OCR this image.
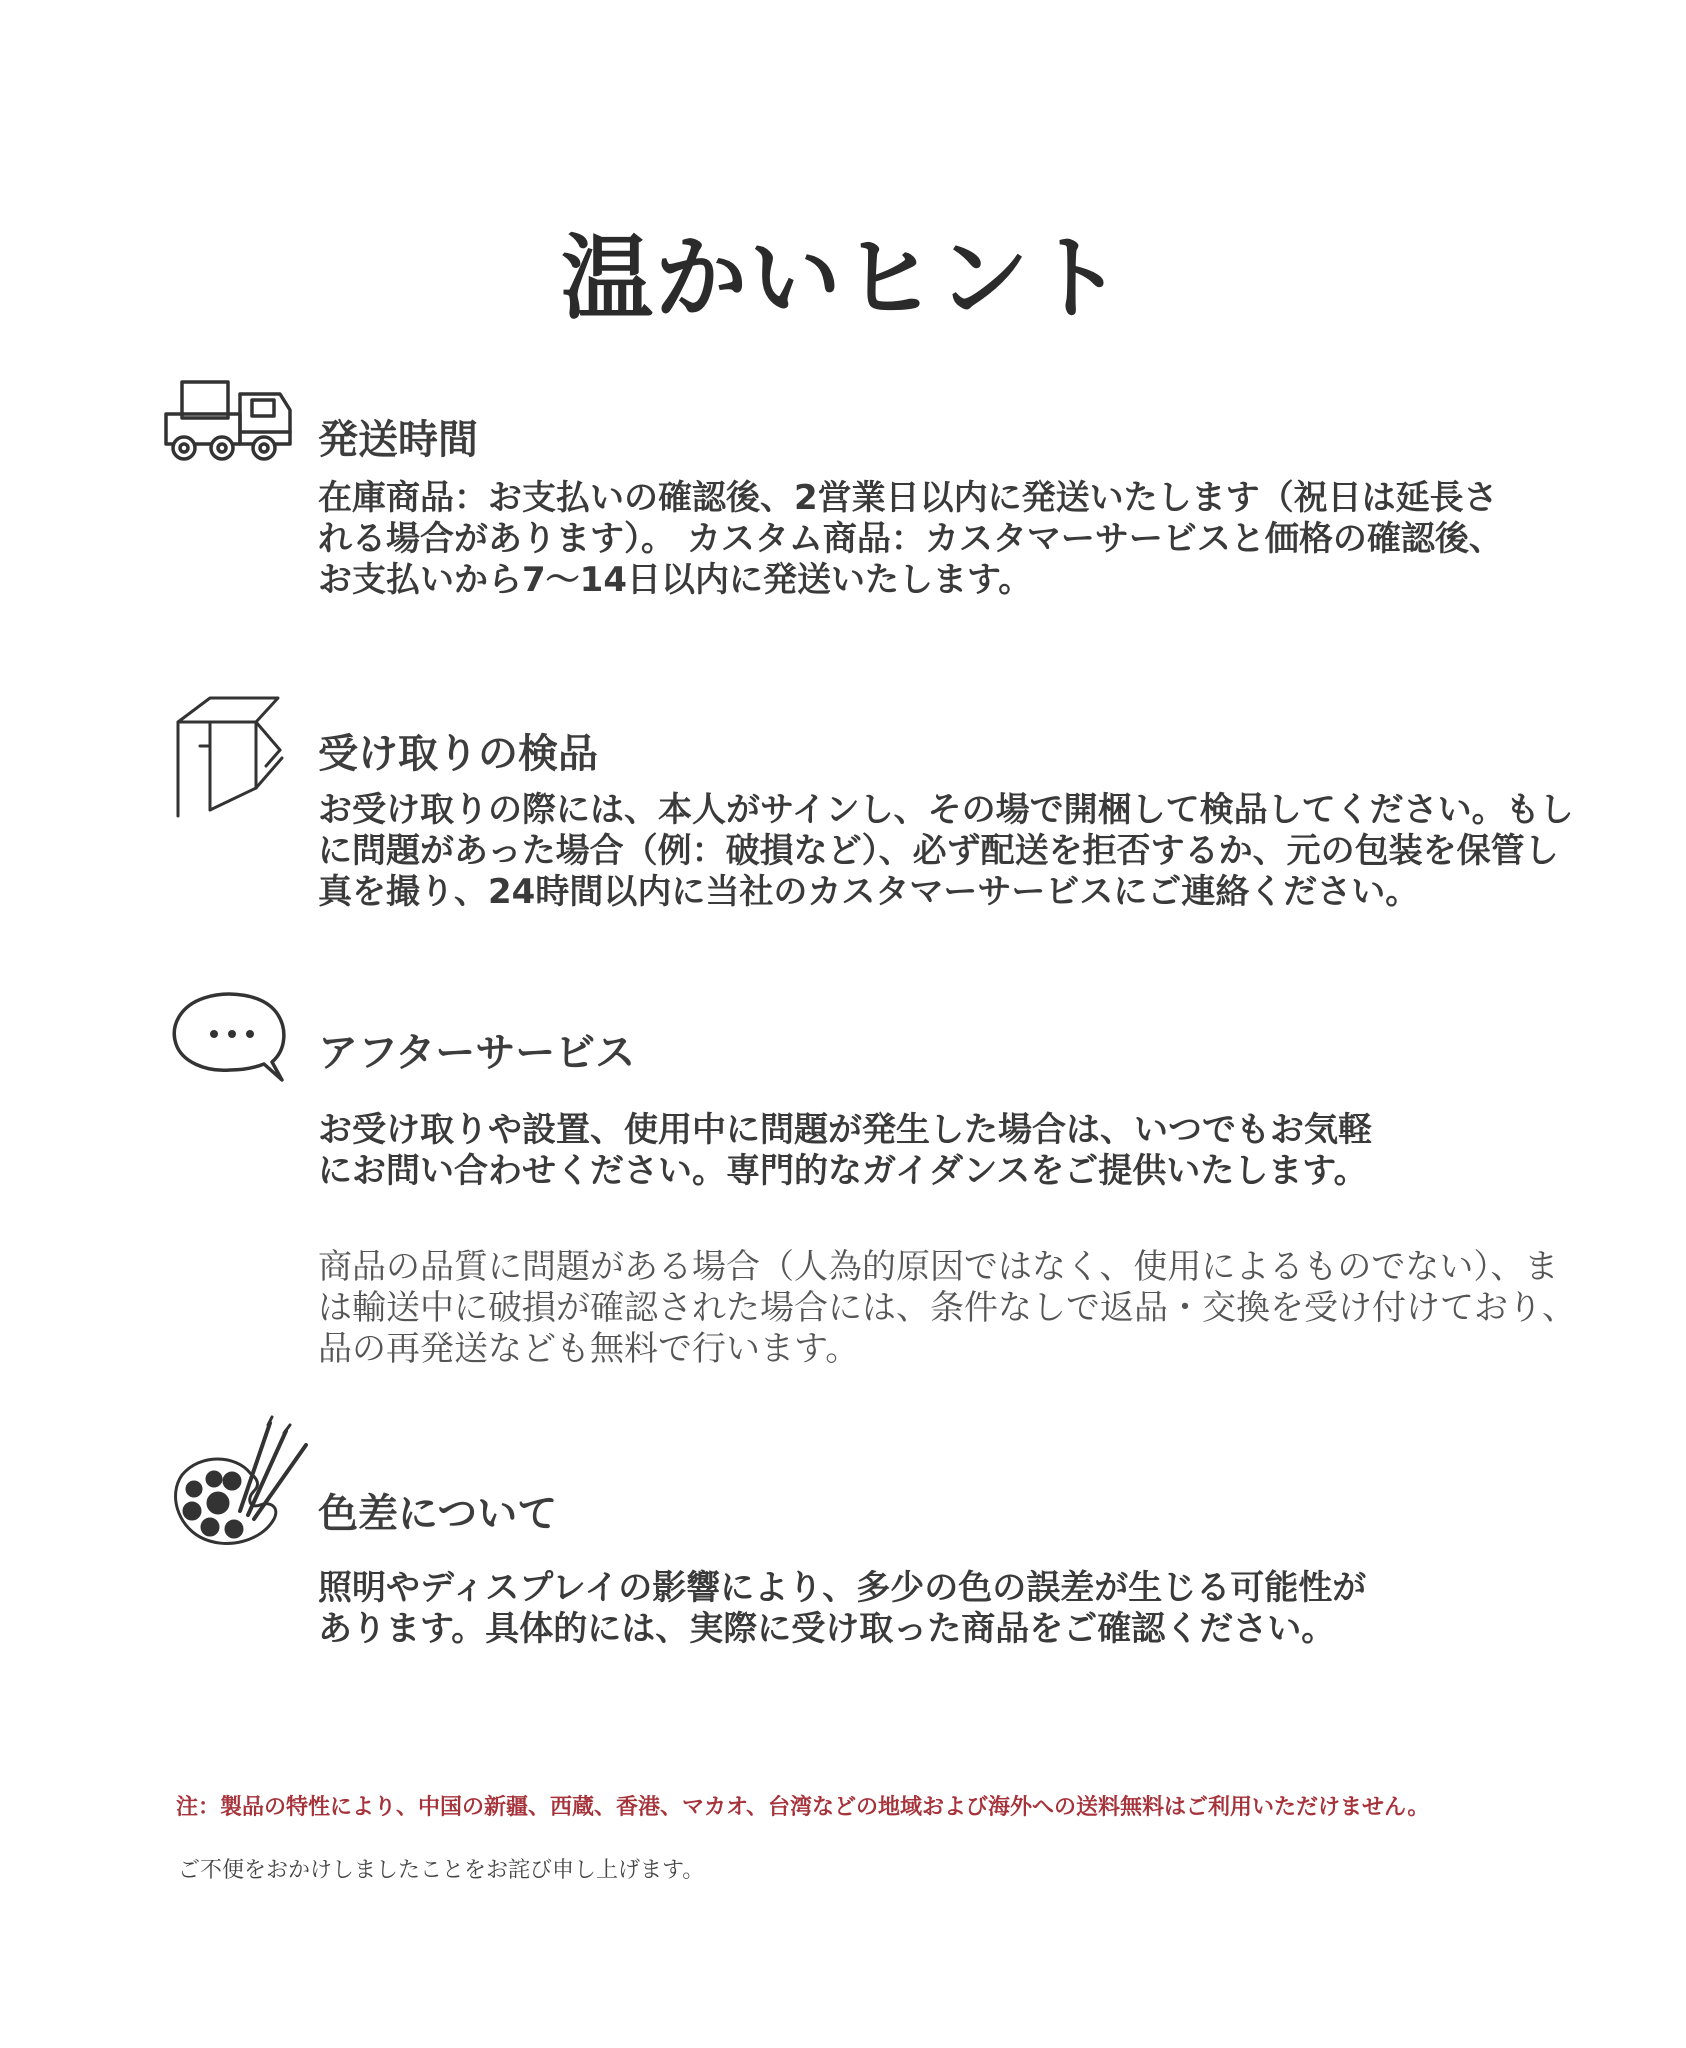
温かいヒント
発送時間
在庫商品：お支払いの確認後、2営業日以内に発送いたします（祝日は延長さ
れる場合があります）。 カスタム商品：カスタマーサービスと価格の確認後、
お支払いから7〜14日以内に発送いたします。
受け取りの検品
お受け取りの際には、本人がサインし、その場で開梱して検品してください。もし
に問題があった場合（例：破損など）、必ず配送を拒否するか、元の包装を保管し
真を撮り、24時間以内に当社のカスタマーサービスにご連絡ください。
アフターサービス
お受け取りや設置、使用中に問題が発生した場合は、いつでもお気軽
にお問い合わせください。専門的なガイダンスをご提供いたします。
商品の品質に問題がある場合（人為的原因ではなく、使用によるものでない）、ま
は輸送中に破損が確認された場合には、条件なしで返品・交換を受け付けており、
品の再発送なども無料で行います。
色差について
照明やディスプレイの影響により、多少の色の誤差が生じる可能性が
あります。具体的には、実際に受け取った商品をご確認ください。

注：製品の特性により、中国の新疆、西蔵、香港、マカオ、台湾などの地域および海外への送料無料はご利用いただけません。

ご不便をおかけしましたことをお詫び申し上げます。
